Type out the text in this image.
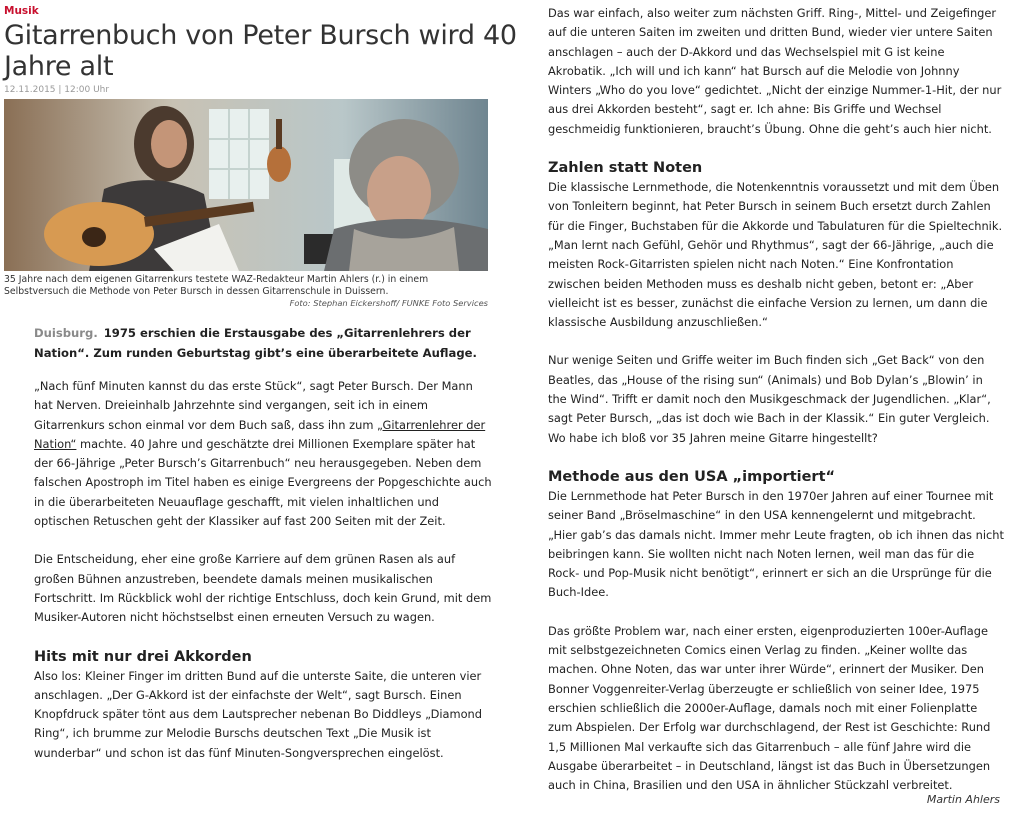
Musik
Gitarrenbuch von Peter Bursch wird 40 Jahre alt
12.11.2015 | 12:00 Uhr
35 Jahre nach dem eigenen Gitarrenkurs testete WAZ-Redakteur Martin Ahlers (r.) in einem Selbstversuch die Methode von Peter Bursch in dessen Gitarrenschule in Duissern.
Foto: Stephan Eickershoff/ FUNKE Foto Services
Duisburg. 1975 erschien die Erstausgabe des „Gitarrenlehrers der Nation“. Zum runden Geburtstag gibt’s eine überarbeitete Auflage.

„Nach fünf Minuten kannst du das erste Stück“, sagt Peter Bursch. Der Mann hat Nerven. Dreieinhalb Jahrzehnte sind vergangen, seit ich in einem Gitarrenkurs schon einmal vor dem Buch saß, dass ihn zum „Gitarrenlehrer der Nation“ machte. 40 Jahre und geschätzte drei Millionen Exemplare später hat der 66-Jährige „Peter Bursch’s Gitarrenbuch“ neu herausgegeben. Neben dem falschen Apostroph im Titel haben es einige Evergreens der Popgeschichte auch in die überarbeiteten Neuauflage geschafft, mit vielen inhaltlichen und optischen Retuschen geht der Klassiker auf fast 200 Seiten mit der Zeit.

Die Entscheidung, eher eine große Karriere auf dem grünen Rasen als auf großen Bühnen anzustreben, beendete damals meinen musikalischen Fortschritt. Im Rückblick wohl der richtige Entschluss, doch kein Grund, mit dem Musiker-Autoren nicht höchstselbst einen erneuten Versuch zu wagen.

Hits mit nur drei Akkorden

Also los: Kleiner Finger im dritten Bund auf die unterste Saite, die unteren vier anschlagen. „Der G-Akkord ist der einfachste der Welt“, sagt Bursch. Einen Knopfdruck später tönt aus dem Lautsprecher nebenan Bo Diddleys „Diamond Ring“, ich brumme zur Melodie Burschs deutschen Text „Die Musik ist wunderbar“ und schon ist das fünf Minuten-Songversprechen eingelöst.

Das war einfach, also weiter zum nächsten Griff. Ring-, Mittel- und Zeigefinger auf die unteren Saiten im zweiten und dritten Bund, wieder vier untere Saiten anschlagen – auch der D-Akkord und das Wechselspiel mit G ist keine Akrobatik. „Ich will und ich kann“ hat Bursch auf die Melodie von Johnny Winters „Who do you love“ gedichtet. „Nicht der einzige Nummer-1-Hit, der nur aus drei Akkorden besteht“, sagt er. Ich ahne: Bis Griffe und Wechsel geschmeidig funktionieren, braucht’s Übung. Ohne die geht’s auch hier nicht.

Zahlen statt Noten

Die klassische Lernmethode, die Notenkenntnis voraussetzt und mit dem Üben von Tonleitern beginnt, hat Peter Bursch in seinem Buch ersetzt durch Zahlen für die Finger, Buchstaben für die Akkorde und Tabulaturen für die Spieltechnik. „Man lernt nach Gefühl, Gehör und Rhythmus“, sagt der 66-Jährige, „auch die meisten Rock-Gitarristen spielen nicht nach Noten.“ Eine Konfrontation zwischen beiden Methoden muss es deshalb nicht geben, betont er: „Aber vielleicht ist es besser, zunächst die einfache Version zu lernen, um dann die klassische Ausbildung anzuschließen.“

Nur wenige Seiten und Griffe weiter im Buch finden sich „Get Back“ von den Beatles, das „House of the rising sun“ (Animals) und Bob Dylan’s „Blowin’ in the Wind“. Trifft er damit noch den Musikgeschmack der Jugendlichen. „Klar“, sagt Peter Bursch, „das ist doch wie Bach in der Klassik.“ Ein guter Vergleich. Wo habe ich bloß vor 35 Jahren meine Gitarre hingestellt?

Methode aus den USA „importiert“

Die Lernmethode hat Peter Bursch in den 1970er Jahren auf einer Tournee mit seiner Band „Bröselmaschine“ in den USA kennengelernt und mitgebracht. „Hier gab’s das damals nicht. Immer mehr Leute fragten, ob ich ihnen das nicht beibringen kann. Sie wollten nicht nach Noten lernen, weil man das für die Rock- und Pop-Musik nicht benötigt“, erinnert er sich an die Ursprünge für die Buch-Idee.

Das größte Problem war, nach einer ersten, eigenproduzierten 100er-Auflage mit selbstgezeichneten Comics einen Verlag zu finden. „Keiner wollte das machen. Ohne Noten, das war unter ihrer Würde“, erinnert der Musiker. Den Bonner Voggenreiter-Verlag überzeugte er schließlich von seiner Idee, 1975 erschien schließlich die 2000er-Auflage, damals noch mit einer Folienplatte zum Abspielen. Der Erfolg war durchschlagend, der Rest ist Geschichte: Rund 1,5 Millionen Mal verkaufte sich das Gitarrenbuch – alle fünf Jahre wird die Ausgabe überarbeitet – in Deutschland, längst ist das Buch in Übersetzungen auch in China, Brasilien und den USA in ähnlicher Stückzahl verbreitet.

Martin Ahlers
